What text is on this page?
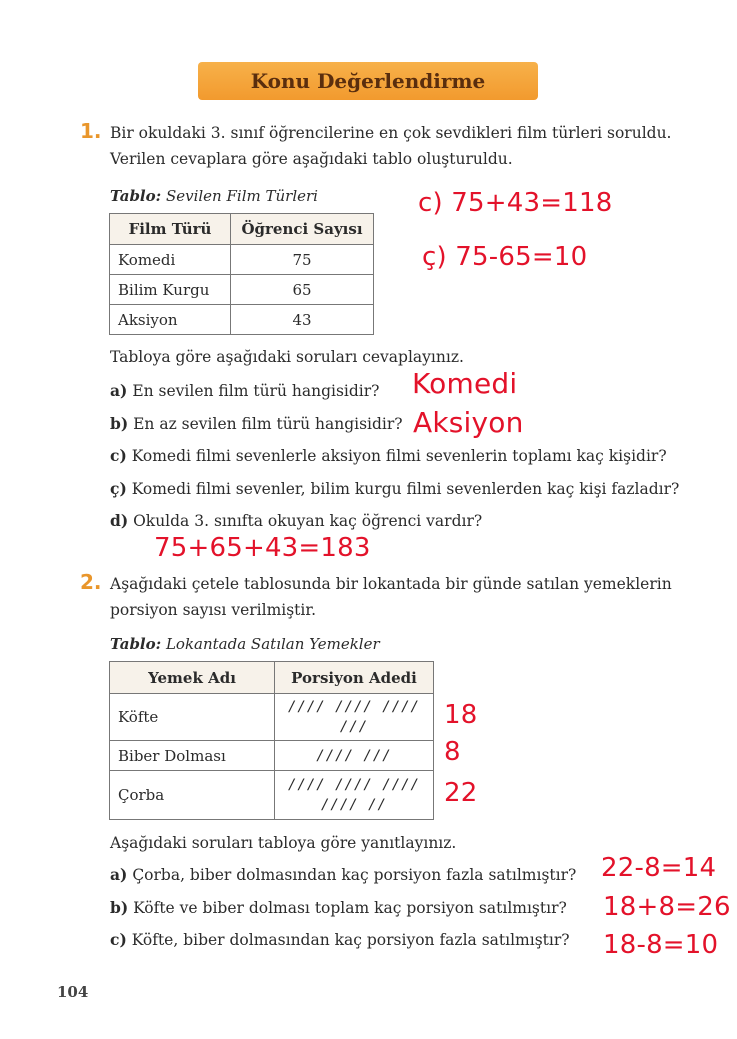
Konu Değerlendirme
1. Bir okuldaki 3. sınıf öğrencilerine en çok sevdikleri film türleri soruldu.
Verilen cevaplara göre aşağıdaki tablo oluşturuldu.
Tablo: Sevilen Film Türleri
Film Türü	Öğrenci Sayısı
Komedi	75
Bilim Kurgu	65
Aksiyon	43
c) 75+43=118
ç) 75-65=10
Tabloya göre aşağıdaki soruları cevaplayınız.
a) En sevilen film türü hangisidir? Komedi
b) En az sevilen film türü hangisidir? Aksiyon
c) Komedi filmi sevenlerle aksiyon filmi sevenlerin toplamı kaç kişidir?
ç) Komedi filmi sevenler, bilim kurgu filmi sevenlerden kaç kişi fazladır?
d) Okulda 3. sınıfta okuyan kaç öğrenci vardır?
75+65+43=183
2. Aşağıdaki çetele tablosunda bir lokantada bir günde satılan yemeklerin
porsiyon sayısı verilmiştir.
Tablo: Lokantada Satılan Yemekler
Yemek Adı	Porsiyon Adedi
Köfte	//// //// ////
///

Biber Dolması	//// ///

Çorba	//// //// ////
//// //
18
8
22
Aşağıdaki soruları tabloya göre yanıtlayınız.
a) Çorba, biber dolmasından kaç porsiyon fazla satılmıştır? 22-8=14
b) Köfte ve biber dolması toplam kaç porsiyon satılmıştır? 18+8=26
c) Köfte, biber dolmasından kaç porsiyon fazla satılmıştır? 18-8=10
104
